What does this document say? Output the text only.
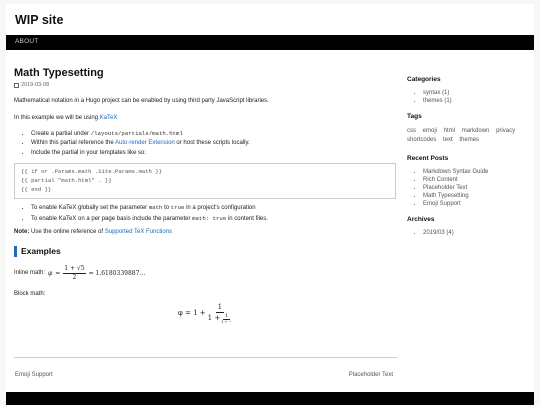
WIP site
ABOUT
Math Typesetting
2019-03-08

Mathematical notation in a Hugo project can be enabled by using third party JavaScript libraries.

In this example we will be using KaTeX

• Create a partial under /layouts/partials/math.html
• Within this partial reference the Auto-render Extension or host these scripts locally.
• Include the partial in your templates like so:
{{ if or .Params.math .Site.Params.math }}
{{ partial "math.html" . }}
{{ end }}
• To enable KaTeX globally set the parameter math to true in a project's configuration
• To enable KaTeX on a per page basis include the parameter math: true in content files.

Note: Use the online reference of Supported TeX Functions

Examples
Inline math: $\varphi = \frac{1 + √5}{2}$ = 1.6180339887…

Block math:

φ = 1 + 1
1 + 1
1 + ⋯
Emoji Support	Placeholder Text
Categories
• syntax (1)
• themes (1)
Tags
css emoji html markdown privacy shortcodes text themes
Recent Posts
• Markdown Syntax Guide
• Rich Content
• Placeholder Text
• Math Typesetting
• Emoji Support
Archives
• 2019/03 (4)
